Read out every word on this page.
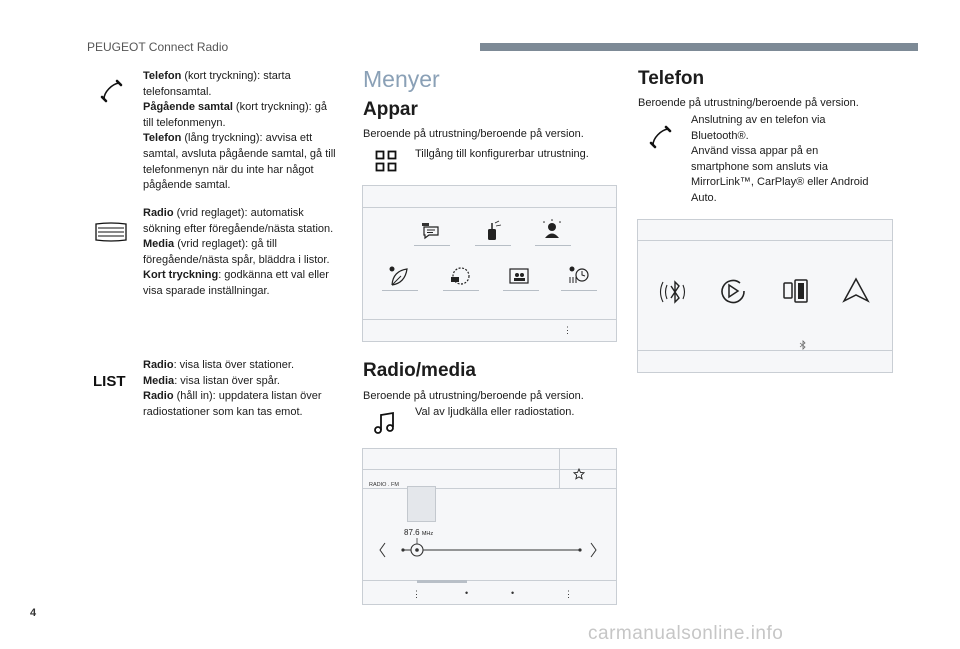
PEUGEOT Connect Radio
Telefon (kort tryckning): starta telefonsamtal.
Pågående samtal (kort tryckning): gå till telefonmenyn.
Telefon (lång tryckning): avvisa ett samtal, avsluta pågående samtal, gå till telefonmenyn när du inte har något pågående samtal.
Radio (vrid reglaget): automatisk sökning efter föregående/nästa station.
Media (vrid reglaget): gå till föregående/nästa spår, bläddra i listor.
Kort tryckning: godkänna ett val eller visa sparade inställningar.
LIST
Radio: visa lista över stationer.
Media: visa listan över spår.
Radio (håll in): uppdatera listan över radiostationer som kan tas emot.
Menyer
Appar
Beroende på utrustning/beroende på version.
Tillgång till konfigurerbar utrustning.
⋮
Radio/media
Beroende på utrustning/beroende på version.
Val av ljudkälla eller radiostation.
RADIO . FM
87.6 MHz
⋮	•	•	⋮
Telefon
Beroende på utrustning/beroende på version.
Anslutning av en telefon via
Bluetooth®.
Använd vissa appar på en
smartphone som ansluts via
MirrorLink™, CarPlay® eller Android
Auto.
4
carmanualsonline.info
